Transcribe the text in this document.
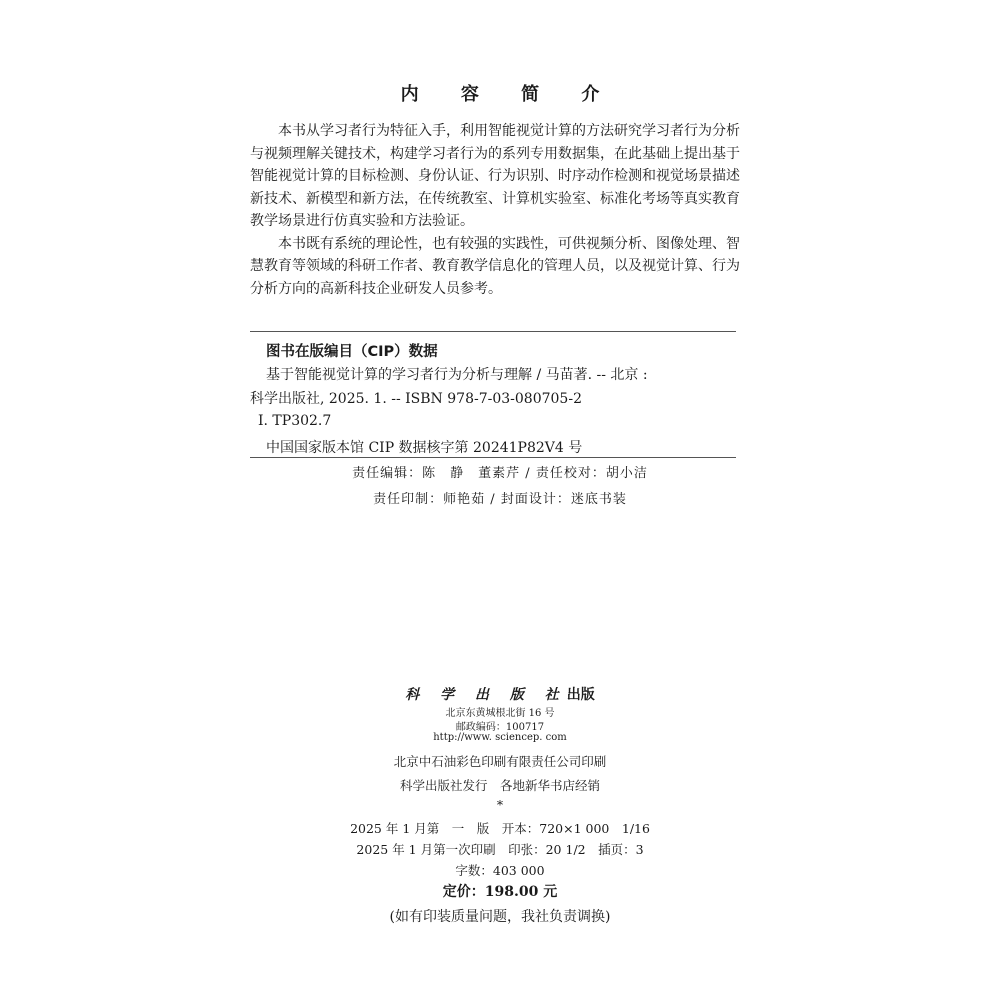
内 容 简 介

本书从学习者行为特征入手，利用智能视觉计算的方法研究学习者行为分析与视频理解关键技术，构建学习者行为的系列专用数据集，在此基础上提出基于智能视觉计算的目标检测、身份认证、行为识别、时序动作检测和视觉场景描述新技术、新模型和新方法，在传统教室、计算机实验室、标准化考场等真实教育教学场景进行仿真实验和方法验证。

本书既有系统的理论性，也有较强的实践性，可供视频分析、图像处理、智慧教育等领域的科研工作者、教育教学信息化的管理人员，以及视觉计算、行为分析方向的高新科技企业研发人员参考。

图书在版编目（CIP）数据
基于智能视觉计算的学习者行为分析与理解 / 马苗著. -- 北京 :
科学出版社, 2025. 1. -- ISBN 978-7-03-080705-2
Ⅰ. TP302.7
中国国家版本馆 CIP 数据核字第 20241P82V4 号
责任编辑：陈　静　董素芹 / 责任校对：胡小洁
责任印制：师艳茹 / 封面设计：迷底书装
科 学 出 版 社出版
北京东黄城根北街 16 号
邮政编码：100717
http://www. sciencep. com
北京中石油彩色印刷有限责任公司印刷
科学出版社发行　各地新华书店经销
*
2025 年 1 月第　一　版　开本：720×1 000　1/16
2025 年 1 月第一次印刷　印张：20 1/2　插页：3
字数：403 000
定价：198.00 元
(如有印装质量问题，我社负责调换)
